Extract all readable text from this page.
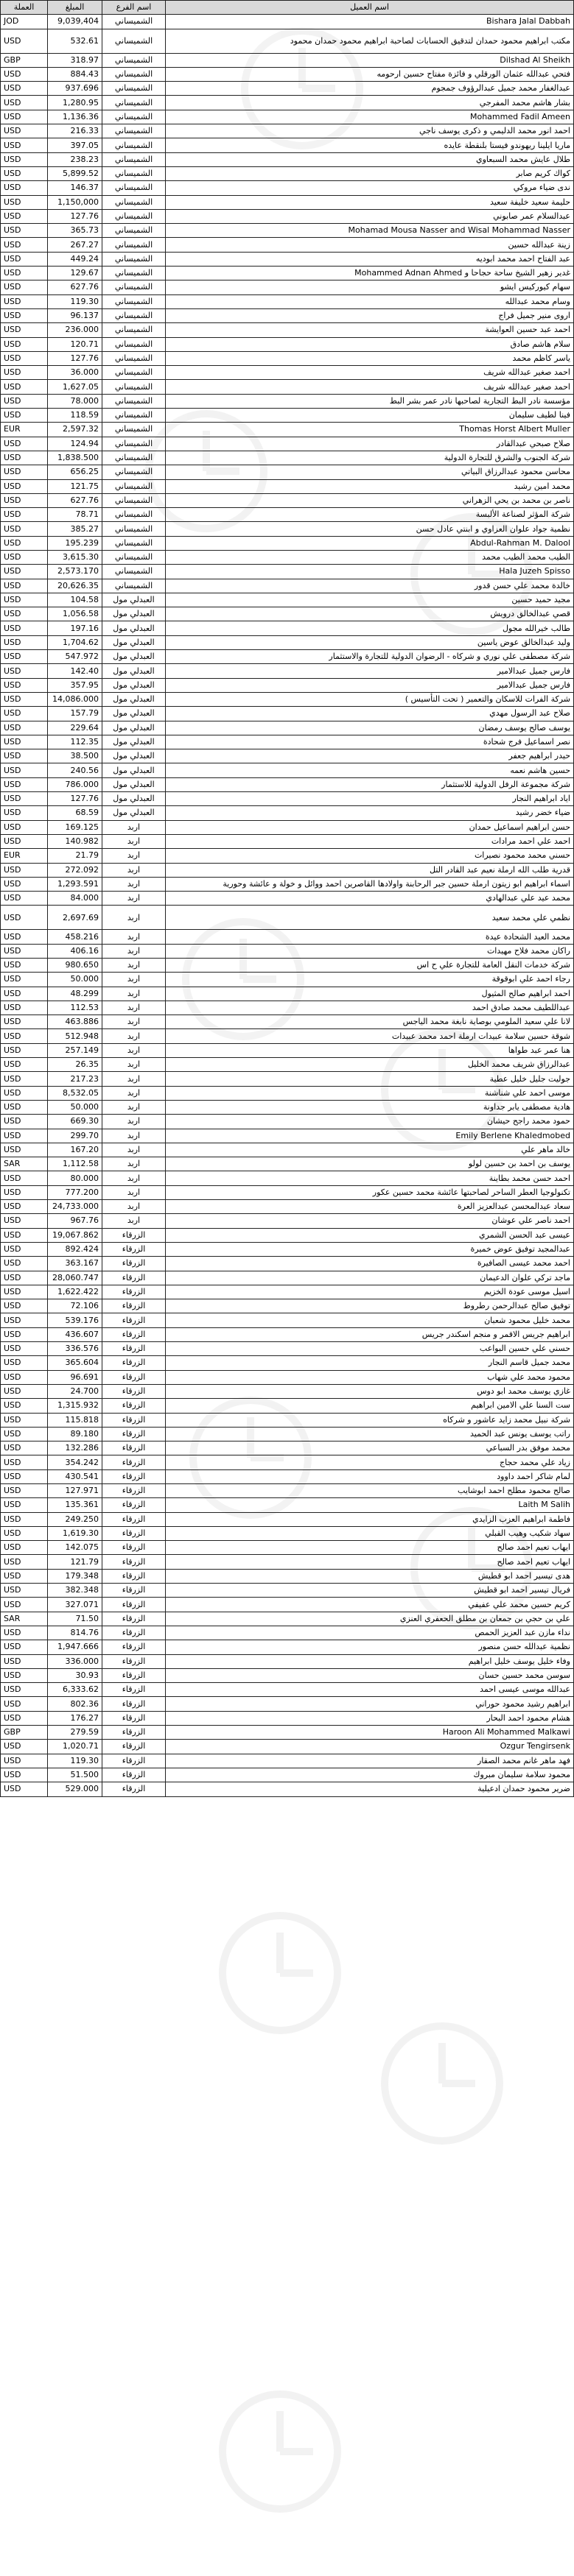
العملة	المبلغ	اسم الفرع	اسم العميل
JOD	9,039,404	الشميساني	Bishara Jalal Dabbah
USD	532.61	الشميساني	مكتب ابراهيم محمود حمدان لتدقيق الحسابات لصاحبة ابراهيم محمود حمدان محمود
GBP	318.97	الشميساني	Dilshad Al Sheikh
USD	884.43	الشميساني	فتحي عبدالله عثمان الورقلي و فائزة مفتاح حسين ارحومه
USD	937.696	الشميساني	عبدالغفار محمد جميل عبدالرؤوف جمجوم
USD	1,280.95	الشميساني	بشار هاشم محمد المفرجي
USD	1,136.36	الشميساني	Mohammed Fadil Ameen
USD	216.33	الشميساني	احمد انور محمد الدليمي و ذكرى يوسف ناجي
USD	397.05	الشميساني	ماريا ايلينا ريهوندو فيستا بلنقطة عايده
USD	238.23	الشميساني	طلال عايش محمد السبعاوي
USD	5,899.52	الشميساني	كواك كريم صابر
USD	146.37	الشميساني	ندى ضياء مروكي
USD	1,150,000	الشميساني	حليمة سعيد خليفة سعيد
USD	127.76	الشميساني	عبدالسلام عمر صابوني
USD	365.73	الشميساني	Mohamad Mousa Nasser and Wisal Mohammad Nasser
USD	267.27	الشميساني	زينة عبدالله حسين
USD	449.24	الشميساني	عبد الفتاح احمد محمد ابوديه
USD	129.67	الشميساني	غدير زهير الشيخ ساحة حجاحا و Mohammed Adnan Ahmed
USD	627.76	الشميساني	سهام كيوركيس ايشو
USD	119.30	الشميساني	وسام محمد عبدالله
USD	96.137	الشميساني	اروى منير جميل فراج
USD	236.000	الشميساني	احمد عبد حسين العوايشة
USD	120.71	الشميساني	سلام هاشم صادق
USD	127.76	الشميساني	ياسر كاظم محمد
USD	36.000	الشميساني	احمد صغير عبدالله شريف
USD	1,627.05	الشميساني	احمد صغير عبدالله شريف
USD	78.000	الشميساني	مؤسسة نادر البط التجارية لصاحبها نادر عمر بشر البط
USD	118.59	الشميساني	فينا لطيف سليمان
EUR	2,597.32	الشميساني	Thomas Horst Albert Muller
USD	124.94	الشميساني	صلاح صبحي عبدالقادر
USD	1,838.500	الشميساني	شركة الجنوب والشرق للتجارة الدولية
USD	656.25	الشميساني	محاسن محمود عبدالرزاق البياتي
USD	121.75	الشميساني	محمد امين رشيد
USD	627.76	الشميساني	ناصر بن محمد بن يحي الزهراني
USD	78.71	الشميساني	شركة المؤثر لصناعة الألبسة
USD	385.27	الشميساني	نظمية جواد علوان العزاوي و ابنتي عادل حسن
USD	195.239	الشميساني	Abdul-Rahman M. Dalool
USD	3,615.30	الشميساني	الطيب محمد الطيب محمد
USD	2,573.170	الشميساني	Hala Juzeh Spisso
USD	20,626.35	الشميساني	خالدة محمد علي حسن قدور
USD	104.58	العبدلي مول	مجيد حميد حسين
USD	1,056.58	العبدلي مول	قصي عبدالخالق درويش
USD	197.16	العبدلي مول	طالب خيرالله مجول
USD	1,704.62	العبدلي مول	وليد عبدالخالق عوض ياسين
USD	547.972	العبدلي مول	شركة مصطفى علي نوري و شركاه - الرضوان الدولية للتجارة والاستثمار
USD	142.40	العبدلي مول	فارس جميل عبدالامير
USD	357.95	العبدلي مول	فارس جميل عبدالامير
USD	14,086.000	العبدلي مول	شركة الفرات للاسكان والتعمير ( تحت التأسيس )
USD	157.79	العبدلي مول	صلاح عبد الرسول مهدي
USD	229.64	العبدلي مول	يوسف صالح يوسف رمضان
USD	112.35	العبدلي مول	نصر اسماعيل فرج شحادة
USD	38.500	العبدلي مول	حيدر ابراهيم جعفر
USD	240.56	العبدلي مول	حسين هاشم نعمه
USD	786.000	العبدلي مول	شركة مجموعة الرفل الدولية للاستثمار
USD	127.76	العبدلي مول	اياد ابراهيم النجار
USD	68.59	العبدلي مول	ضياء خضر رشيد
USD	169.125	اربد	حسن ابراهيم اسماعيل حمدان
USD	140.982	اربد	احمد علي احمد مرادات
EUR	21.79	اربد	حسني محمد محمود نصيرات
USD	272.092	اربد	قدرية طلب الله ارملة نعيم عبد القادر التل
USD	1,293.591	اربد	اسماء ابراهيم ابو زيتون ارملة حسين جبر الرحابنة واولادها القاصرين احمد ووائل و خولة و عائشة وحورية
USD	84.000	اربد	محمد عيد علي عبدالهادي
USD	2,697.69	اربد	نظمي علي محمد سعيد
USD	458.216	اربد	محمد العيد الشحادة عيدة
USD	406.16	اربد	راكان محمد فلاح مهيدات
USD	980.650	اربد	شركة خدمات النقل العامة للتجارة علي ح اس
USD	50.000	اربد	رجاء احمد علي ابوقوقة
USD	48.299	اربد	احمد ابراهيم صالح المثيول
USD	112.53	اربد	عبداللطيف محمد صادق احمد
USD	463.886	اربد	لانا علي سعيد الملومي بوصاية نابغة محمد الياجس
USD	512.948	اربد	شوقة حسين سلامة عبيدات ارملة احمد محمد عبيدات
USD	257.149	اربد	هنا عمر عبد طواها
USD	26.35	اربد	عبدالرزاق شريف محمد الخليل
USD	217.23	اربد	جوليت جليل خليل عطية
USD	8,532.05	اربد	موسى احمد علي شناشنة
USD	50.000	اربد	هادية مصطفى يابر جداونة
USD	669.30	اربد	حمود محمد راجح حيشان
USD	299.70	اربد	Emily Berlene Khaledmobed
USD	167.20	اربد	خالد ماهر علي
SAR	1,112.58	اربد	يوسف بن احمد بن حسين لولو
USD	80.000	اربد	احمد حسن محمد بطاينة
USD	777.200	اربد	تكنولوجيا العطر الساحر لصاحبتها عائشة محمد حسين عكور
USD	24,733.000	اربد	سعاد عبدالمحسن عبدالعزيز العرة
USD	967.76	اربد	احمد ناصر علي عوشان
USD	19,067.862	الزرقاء	عيسى عبد الحسن الشمري
USD	892.424	الزرقاء	عبدالمجيد توفيق عوض خميرة
USD	363.167	الزرقاء	احمد محمد عيسى الصافيرة
USD	28,060.747	الزرقاء	ماجد تركي علوان الدعيمان
USD	1,622.422	الزرقاء	اسيل موسى عودة الخزيم
USD	72.106	الزرقاء	توفيق صالح عبدالرحمن رطروط
USD	539.176	الزرقاء	محمد خليل محمود شعبان
USD	436.607	الزرقاء	ابراهيم جريس الاقمر و منجم اسكندر جريس
USD	336.576	الزرقاء	حسني علي حسين البواعب
USD	365.604	الزرقاء	محمد جميل قاسم النجار
USD	96.691	الزرقاء	محمود محمد علي شهاب
USD	24.700	الزرقاء	غازي يوسف محمد ابو دوس
USD	1,315.932	الزرقاء	ست السنا علي الامين ابراهيم
USD	115.818	الزرقاء	شركة نبيل محمد زايد عاشور و شركاه
USD	89.180	الزرقاء	راتب يوسف يونس عبد الحميد
USD	132.286	الزرقاء	محمد موفق بدر السباعي
USD	354.242	الزرقاء	زياد علي محمد حجاج
USD	430.541	الزرقاء	لمام شاكر احمد داوود
USD	127.971	الزرقاء	صالح محمود مطلح احمد ابوشايب
USD	135.361	الزرقاء	Laith M Salih
USD	249.250	الزرقاء	فاطمة ابراهيم العزب الزايدي
USD	1,619.30	الزرقاء	سهاد شكيب وهيب القبلي
USD	142.075	الزرقاء	ايهاب تعيم احمد صالح
USD	121.79	الزرقاء	ايهاب تعيم احمد صالح
USD	179.348	الزرقاء	هدى تيسير احمد ابو قطيش
USD	382.348	الزرقاء	فريال تيسير احمد ابو قطيش
USD	327.071	الزرقاء	كريم حسين محمد علي عفيفي
SAR	71.50	الزرقاء	علي بن حجي بن جمعان بن مطلق الحعفري العنزي
USD	814.76	الزرقاء	نداء مازن عبد العزيز الحمص
USD	1,947.666	الزرقاء	نظمية عبدالله حسن منصور
USD	336.000	الزرقاء	وفاء خليل يوسف خليل ابراهيم
USD	30.93	الزرقاء	سوسن محمد حسين حسان
USD	6,333.62	الزرقاء	عبدالله موسى عيسى احمد
USD	802.36	الزرقاء	ابراهيم رشيد محمود حوراني
USD	176.27	الزرقاء	هشام محمود احمد البحار
GBP	279.59	الزرقاء	Haroon Ali Mohammed Malkawi
USD	1,020.71	الزرقاء	Ozgur Tengirsenk
USD	119.30	الزرقاء	فهد ماهر غانم محمد الصقار
USD	51.500	الزرقاء	محمود سلامة سليمان مبروك
USD	529.000	الزرقاء	ضرير محمود حمدان ادعيلية
